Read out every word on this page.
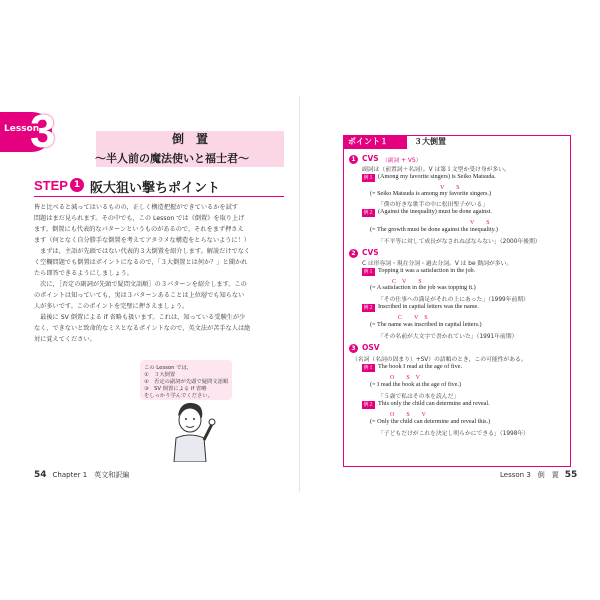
Lesson
3	倒　置
〜半人前の魔法使いと福士君〜
STEP 1 阪大狙い撃ちポイント

皆と比べると減ってはいるものの，正しく構造把握ができているかを試す

問題はまだ見られます。その中でも，この Lesson では《倒置》を取り上げ

ます。倒置にも代表的なパターンというものがあるので，それをまず押さえ

ます（何となく自分勝手な倒置を考えてアタラメな構造をとらないように！）

　まずは，主語が先頭ではない代表的３大倒置を紹介します。解説だけでなく

く空欄問題でも倒置はポイントになるので，「３大倒置とは何か？」と聞かれ

たら即答できるようにしましょう。

　次に，［否定の副詞が先頭で疑問文語順］の３パターンを紹介します。この

のポイントは知っていても，実は３パターンあることは上位層でも知らない

人が多いです。このポイントを完璧に押さえましょう。

　最後に SV 倒置による if 省略も扱います。これは，知っている受験生が少

なく，できないと致命的なミスとなるポイントなので，英文法が苦手な人は絶

対に覚えてください。

この Lesson では，
①　３大倒置
②　否定の副詞が先頭で疑問文語順
③　SV 倒置による if 省略
をしっかり学んでください。
54 Chapter 1　英文和訳編
ポイント１	３大倒置
1 CVS （副詞 + VS）
副詞は（前置詞＋名詞）。V は第１文型か受け身が多い。
例１ (Among my favorite singers) is Seiko Matsuda.
V　　S
(= Seiko Matsuda is among my favorite singers.)
「僕の好きな歌手の中に松田聖子がいる」
例２ (Against the inequality) must be done against.
V　　S
(= The growth must be done against the inequality.)
「不平等に対して成長がなされねばならない」（2000年後期）
2 CVS
C は形容詞・現在分詞・過去分詞。V は be 動詞が多い。
例１ Topping it was a satisfaction in the job.
C　V　　S
(= A satisfaction in the job was topping it.)
「その仕事への満足がそれの上にあった」（1999年前期）
例２ Inscribed in capital letters was the name.
C　　V　S
(= The name was inscribed in capital letters.)
「その名前が大文字で書かれていた」（1991年前期）
3 OSV
（名詞（名詞の固まり）+SV）の語順のとき，この可能性がある。
例１ The book I read at the age of five.
O　　S　V
(= I read the book at the age of five.)
「５歳で私はその本を読んだ」
例２ This only the child can determine and reveal.
O　　S　　V
(= Only the child can determine and reveal this.)
「子どもだけがこれを決定し明らかにできる」（1998年）
Lesson 3　倒　置 55
